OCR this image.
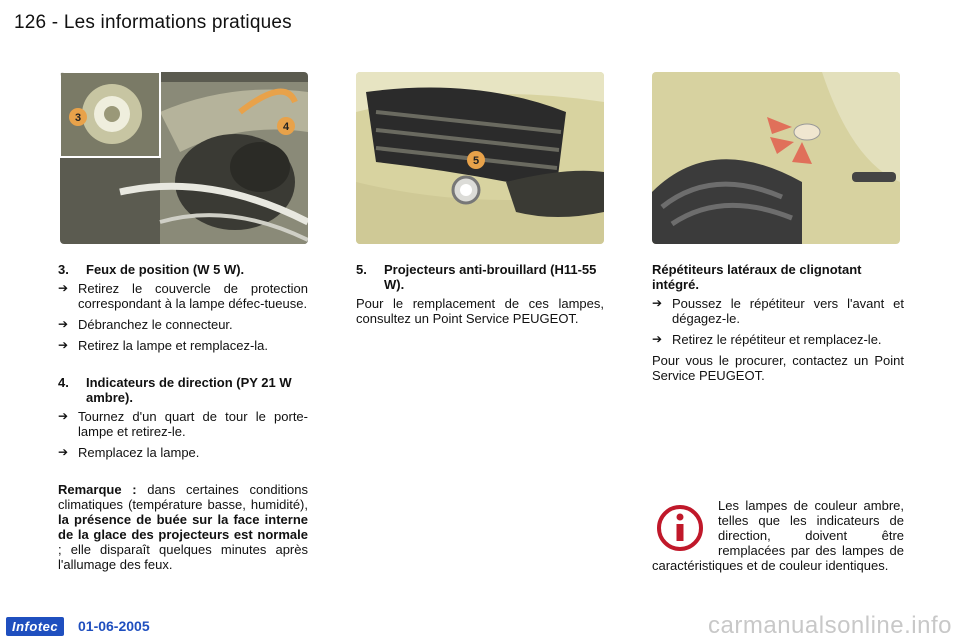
126 - Les informations pratiques
3
4
5
3.	Feux de position (W 5 W).
➔ Retirez le couvercle de protection correspondant à la lampe défec-tueuse.
➔ Débranchez le connecteur.
➔ Retirez la lampe et remplacez-la.
4.	Indicateurs de direction (PY 21 W ambre).
➔ Tournez d'un quart de tour le porte-lampe et retirez-le.
➔ Remplacez la lampe.

Remarque : dans certaines conditions climatiques (température basse, humidité), la présence de buée sur la face interne de la glace des projecteurs est normale ; elle disparaît quelques minutes après l'allumage des feux.

5.	Projecteurs anti-brouillard (H11-55 W).

Pour le remplacement de ces lampes, consultez un Point Service PEUGEOT.

Répétiteurs latéraux de clignotant intégré.
➔ Poussez le répétiteur vers l'avant et dégagez-le.
➔ Retirez le répétiteur et remplacez-le.

Pour vous le procurer, contactez un Point Service PEUGEOT.

Les lampes de couleur ambre, telles que les indicateurs de direction, doivent être remplacées par des lampes de caractéristiques et de couleur identiques.
Infotec	01-06-2005	carmanualsonline.info
